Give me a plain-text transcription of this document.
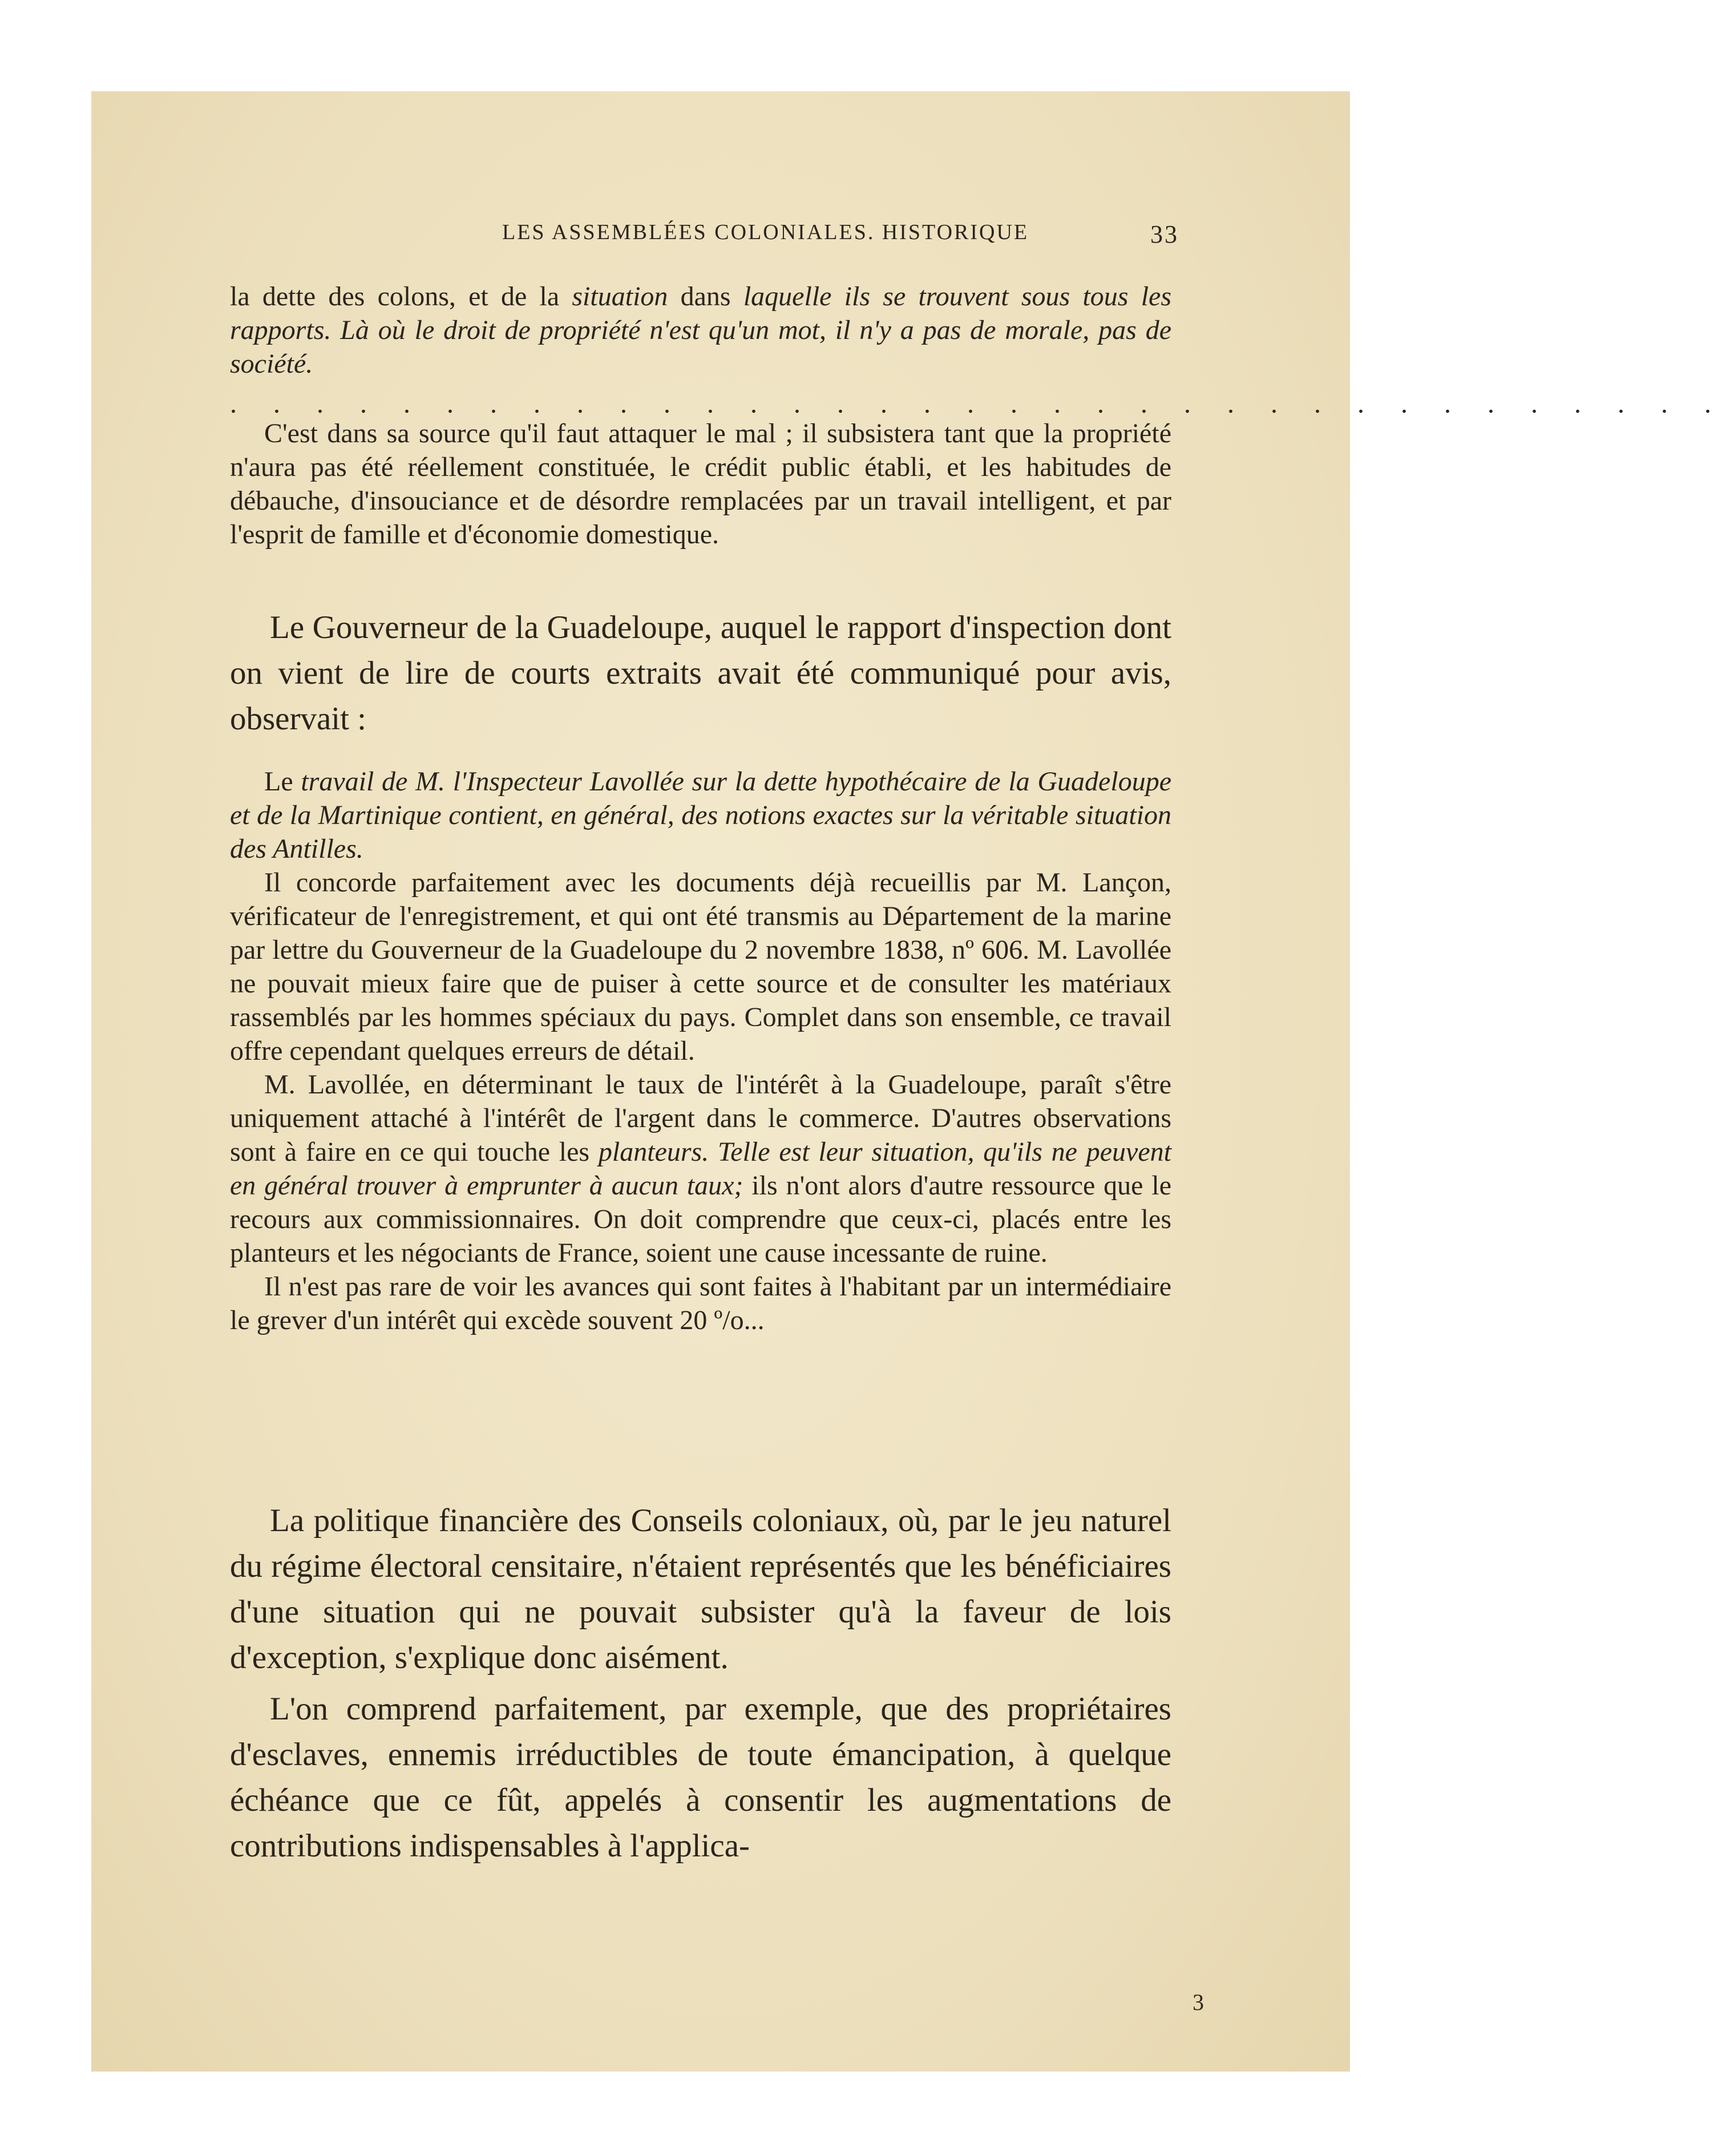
LES ASSEMBLÉES COLONIALES. HISTORIQUE	33
la dette des colons, et de la situation dans laquelle ils se trouvent sous tous les rapports. Là où le droit de propriété n'est qu'un mot, il n'y a pas de morale, pas de société.
. . . . . . . . . . . . . . . . . . . . . . . . . . . . . . . . . . .

C'est dans sa source qu'il faut attaquer le mal ; il subsistera tant que la propriété n'aura pas été réellement constituée, le crédit public établi, et les habitudes de débauche, d'insouciance et de désordre remplacées par un travail intelligent, et par l'esprit de famille et d'économie domestique.

Le Gouverneur de la Guadeloupe, auquel le rapport d'inspection dont on vient de lire de courts extraits avait été communiqué pour avis, observait :

Le travail de M. l'Inspecteur Lavollée sur la dette hypothécaire de la Guadeloupe et de la Martinique contient, en général, des notions exactes sur la véritable situation des Antilles.

Il concorde parfaitement avec les documents déjà recueillis par M. Lançon, vérificateur de l'enregistrement, et qui ont été transmis au Département de la marine par lettre du Gouverneur de la Guadeloupe du 2 novembre 1838, nº 606. M. Lavollée ne pouvait mieux faire que de puiser à cette source et de consulter les matériaux rassemblés par les hommes spéciaux du pays. Complet dans son ensemble, ce travail offre cependant quelques erreurs de détail.

M. Lavollée, en déterminant le taux de l'intérêt à la Guadeloupe, paraît s'être uniquement attaché à l'intérêt de l'argent dans le commerce. D'autres observations sont à faire en ce qui touche les planteurs. Telle est leur situation, qu'ils ne peuvent en général trouver à emprunter à aucun taux; ils n'ont alors d'autre ressource que le recours aux commissionnaires. On doit comprendre que ceux-ci, placés entre les planteurs et les négociants de France, soient une cause incessante de ruine.

Il n'est pas rare de voir les avances qui sont faites à l'habitant par un intermédiaire le grever d'un intérêt qui excède souvent 20 º/o...

La politique financière des Conseils coloniaux, où, par le jeu naturel du régime électoral censitaire, n'étaient représentés que les bénéficiaires d'une situation qui ne pouvait subsister qu'à la faveur de lois d'exception, s'explique donc aisément.

L'on comprend parfaitement, par exemple, que des propriétaires d'esclaves, ennemis irréductibles de toute émancipation, à quelque échéance que ce fût, appelés à consentir les augmentations de contributions indispensables à l'applica-

3
